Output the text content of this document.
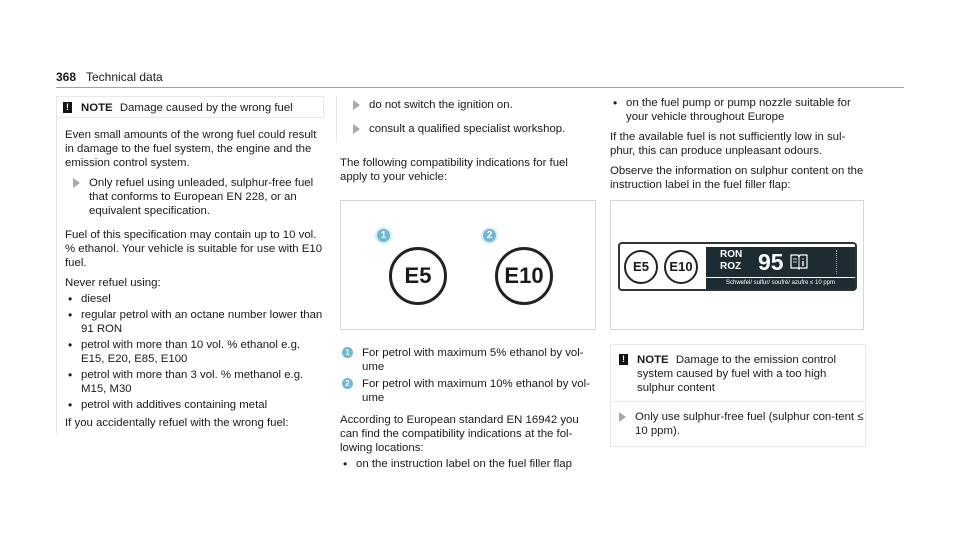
368 Technical data
! NOTE Damage caused by the wrong fuel

Even small amounts of the wrong fuel could result in damage to the fuel system, the engine and the emission control system.

Only refuel using unleaded, sulphur-free fuel that conforms to European EN 228, or an equivalent specification.

Fuel of this specification may contain up to 10 vol. % ethanol. Your vehicle is suitable for use with E10 fuel.

Never refuel using:

• diesel
• regular petrol with an octane number lower than 91 RON
• petrol with more than 10 vol. % ethanol e.g. E15, E20, E85, E100
• petrol with more than 3 vol. % methanol e.g. M15, M30
• petrol with additives containing metal

If you accidentally refuel with the wrong fuel:

do not switch the ignition on.
consult a qualified specialist workshop.

The following compatibility indications for fuel apply to your vehicle:

1
E5
2
E10
1 For petrol with maximum 5% ethanol by vol-ume
2 For petrol with maximum 10% ethanol by vol-ume

According to European standard EN 16942 you can find the compatibility indications at the fol-lowing locations:

• on the instruction label on the fuel filler flap
• on the fuel pump or pump nozzle suitable for your vehicle throughout Europe

If the available fuel is not sufficiently low in sul-phur, this can produce unpleasant odours.

Observe the information on sulphur content on the instruction label in the fuel filler flap:

E5	E10
RON
ROZ 95
Schwefel/ sulfur/ soufré/ azufre ≤ 10 ppm
! NOTE Damage to the emission control system caused by fuel with a too high sulphur content
Only use sulphur-free fuel (sulphur con-tent ≤ 10 ppm).
